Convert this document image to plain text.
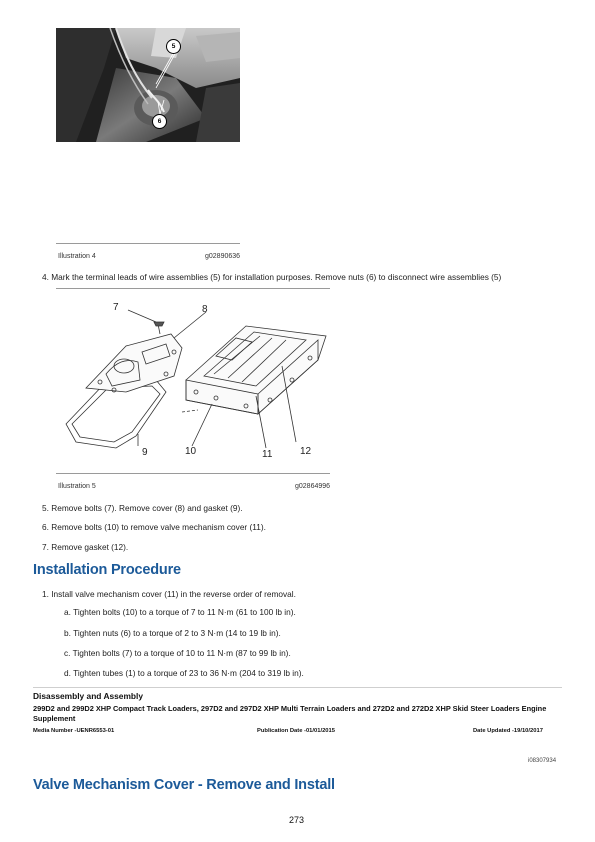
5
6
Illustration 4	g02890636
4. Mark the terminal leads of wire assemblies (5) for installation purposes. Remove nuts (6) to disconnect wire assemblies (5)
7	8
9	10	11	12
Illustration 5	g02864996
5. Remove bolts (7). Remove cover (8) and gasket (9).
6. Remove bolts (10) to remove valve mechanism cover (11).
7. Remove gasket (12).
Installation Procedure
1. Install valve mechanism cover (11) in the reverse order of removal.
a. Tighten bolts (10) to a torque of 7 to 11 N·m (61 to 100 lb in).
b. Tighten nuts (6) to a torque of 2 to 3 N·m (14 to 19 lb in).
c. Tighten bolts (7) to a torque of 10 to 11 N·m (87 to 99 lb in).
d. Tighten tubes (1) to a torque of 23 to 36 N·m (204 to 319 lb in).
Disassembly and Assembly
299D2 and 299D2 XHP Compact Track Loaders, 297D2 and 297D2 XHP Multi Terrain Loaders and 272D2 and 272D2 XHP Skid Steer Loaders Engine Supplement
Media Number -UENR6553-01	Publication Date -01/01/2015	Date Updated -19/10/2017
i08307934
Valve Mechanism Cover - Remove and Install
273
